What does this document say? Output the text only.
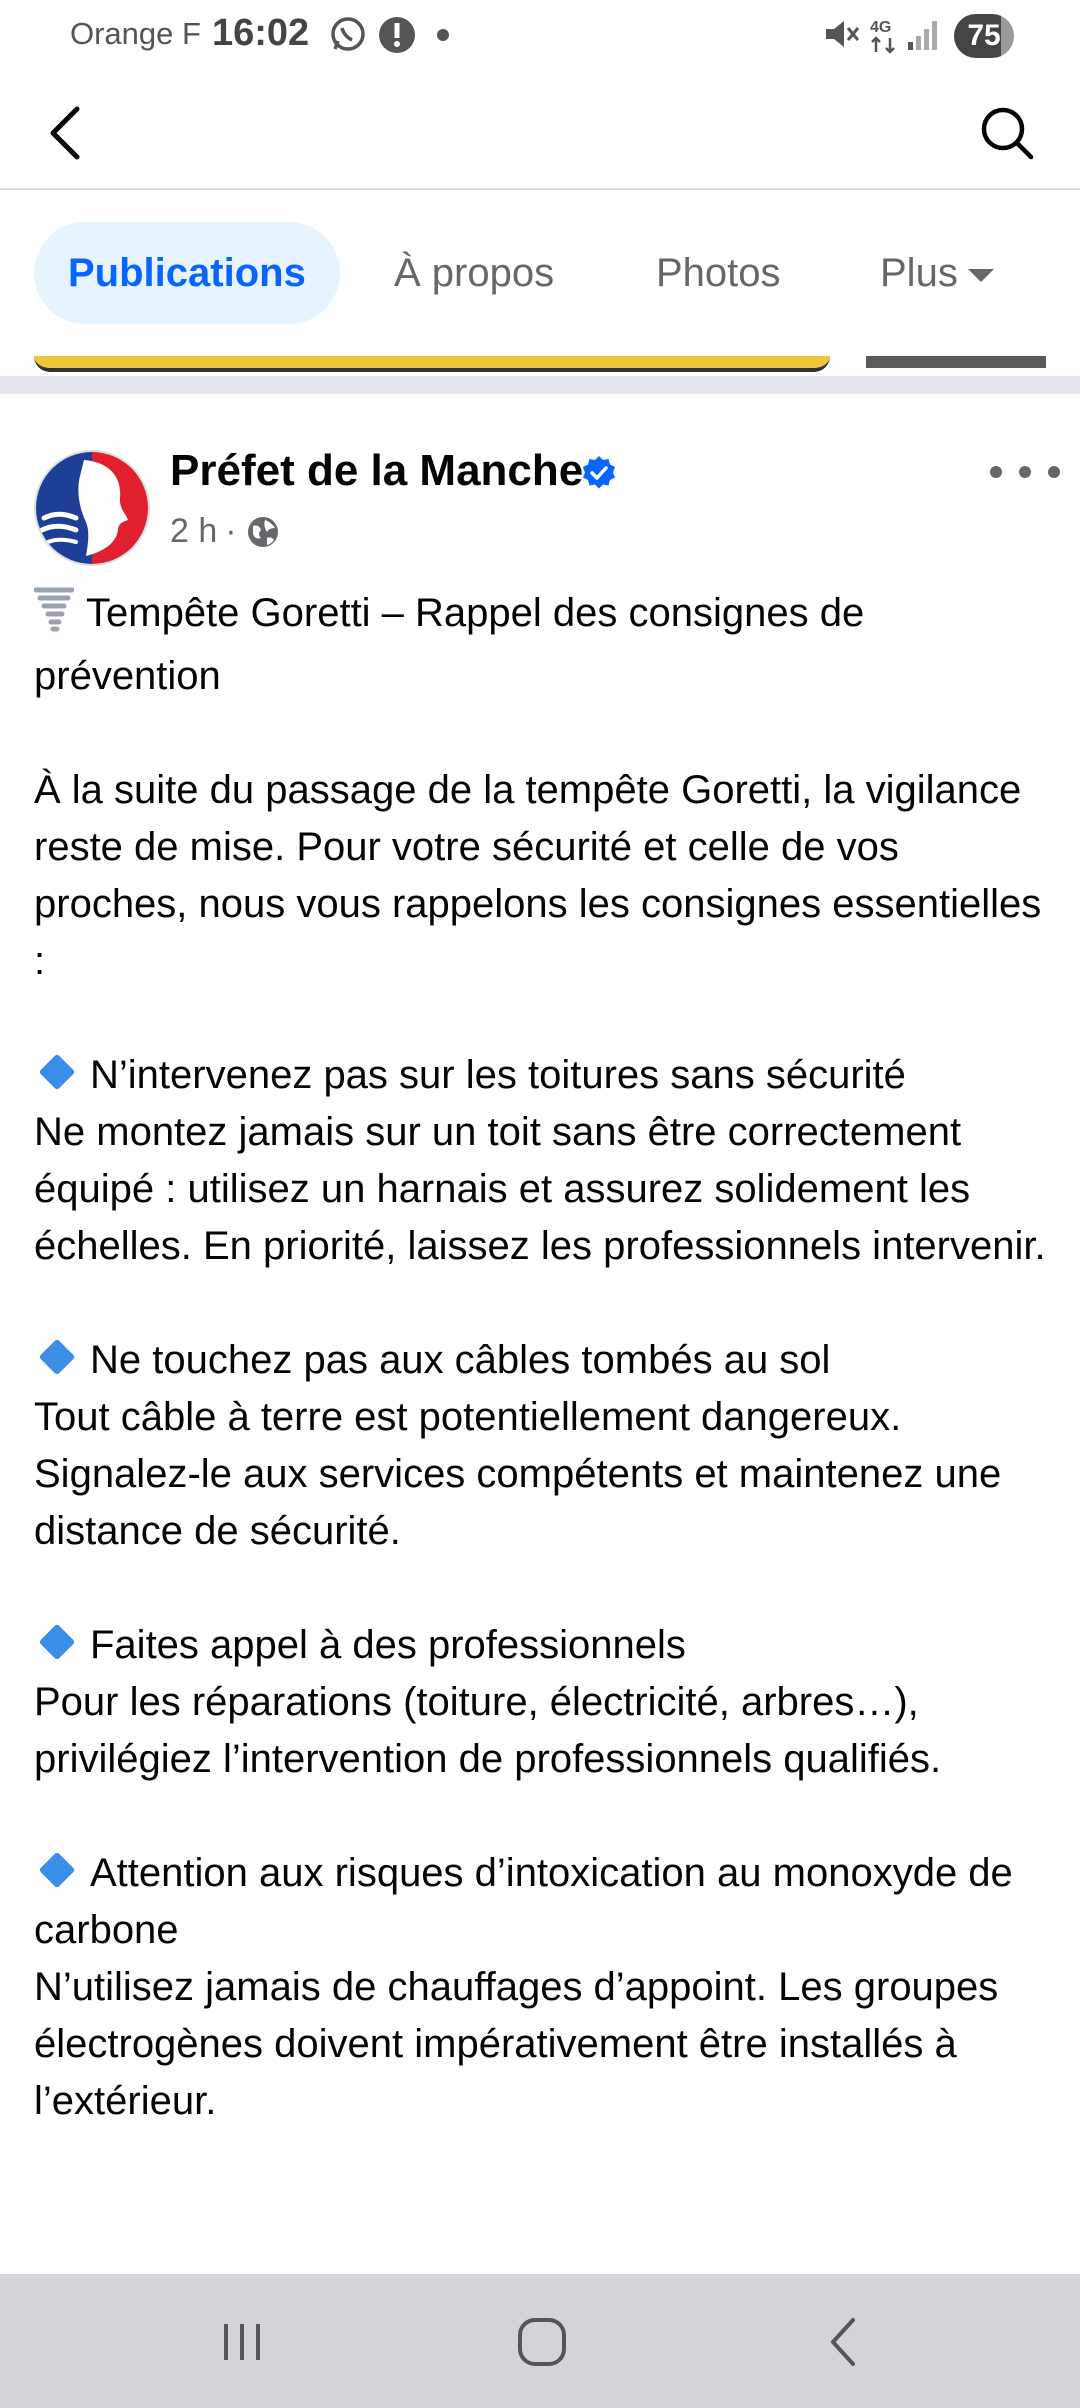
Orange F 16:02	4G	75
Publications	À propos	Photos Plus
Préfet de la Manche
2 h ·

Tempête Goretti – Rappel des consignes de prévention

À la suite du passage de la tempête Goretti, la vigilance reste de mise. Pour votre sécurité et celle de vos proches, nous vous rappelons les consignes essentielles :

N’intervenez pas sur les toitures sans sécurité
Ne montez jamais sur un toit sans être correctement équipé : utilisez un harnais et assurez solidement les échelles. En priorité, laissez les professionnels intervenir.

Ne touchez pas aux câbles tombés au sol
Tout câble à terre est potentiellement dangereux. Signalez-le aux services compétents et maintenez une distance de sécurité.

Faites appel à des professionnels
Pour les réparations (toiture, électricité, arbres…), privilégiez l’intervention de professionnels qualifiés.

Attention aux risques d’intoxication au monoxyde de carbone
N’utilisez jamais de chauffages d’appoint. Les groupes électrogènes doivent impérativement être installés à l’extérieur.
